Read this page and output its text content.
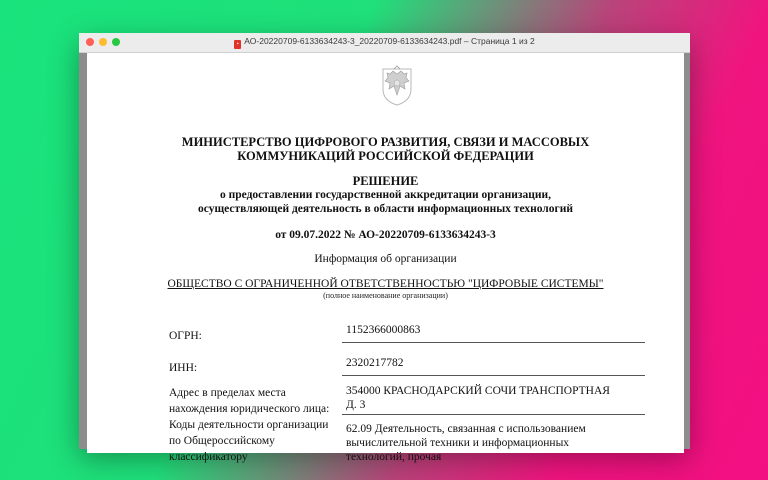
▪ АО-20220709-6133634243-3_20220709-6133634243.pdf – Страница 1 из 2
МИНИСТЕРСТВО ЦИФРОВОГО РАЗВИТИЯ, СВЯЗИ И МАССОВЫХ
КОММУНИКАЦИЙ РОССИЙСКОЙ ФЕДЕРАЦИИ
РЕШЕНИЕ
о предоставлении государственной аккредитации организации,
осуществляющей деятельность в области информационных технологий
от 09.07.2022 № АО-20220709-6133634243-3
Информация об организации
ОБЩЕСТВО С ОГРАНИЧЕННОЙ ОТВЕТСТВЕННОСТЬЮ "ЦИФРОВЫЕ СИСТЕМЫ"
(полное наименование организации)
ОГРН:	1152366000863
ИНН:	2320217782
Адрес в пределах места
нахождения юридического лица:
354000 КРАСНОДАРСКИЙ СОЧИ ТРАНСПОРТНАЯ
Д. 3
Коды деятельности организации
по Общероссийскому
классификатору
62.09 Деятельность, связанная с использованием
вычислительной техники и информационных
технологий, прочая
